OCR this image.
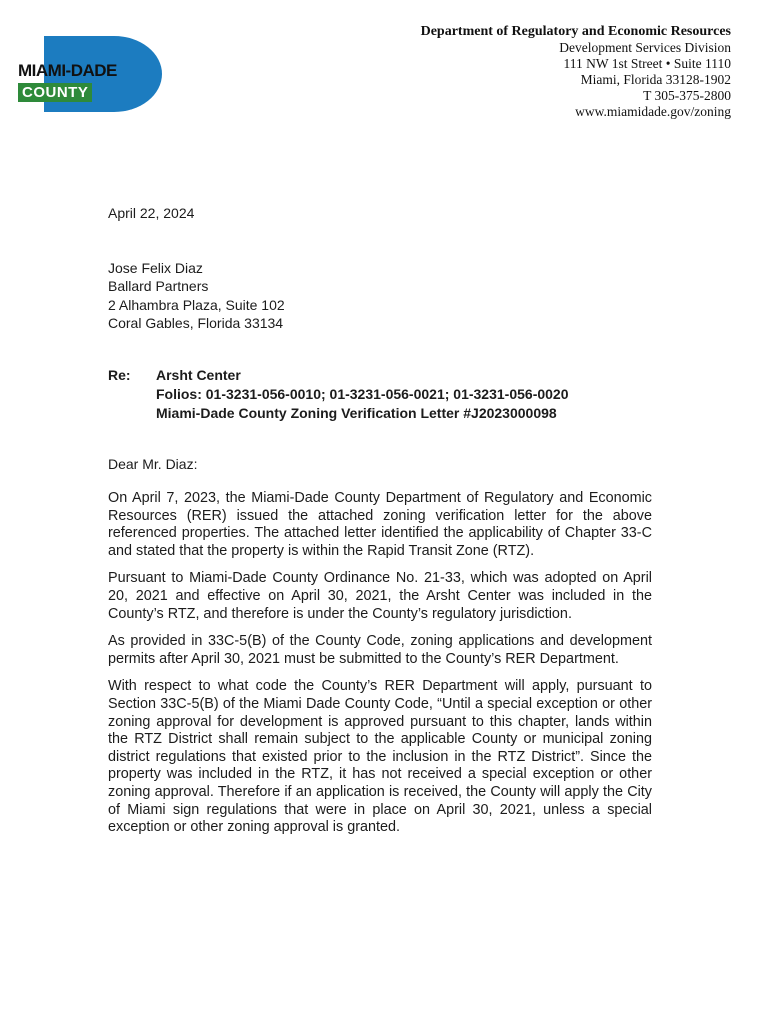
MIAMI-DADE
COUNTY
Department of Regulatory and Economic Resources
Development Services Division
111 NW 1st Street • Suite 1110
Miami, Florida 33128-1902
T 305-375-2800
www.miamidade.gov/zoning
April 22, 2024
Jose Felix Diaz
Ballard Partners
2 Alhambra Plaza, Suite 102
Coral Gables, Florida 33134
Re: Arsht Center
Folios: 01-3231-056-0010; 01-3231-056-0021; 01-3231-056-0020
Miami-Dade County Zoning Verification Letter #J2023000098
Dear Mr. Diaz:

On April 7, 2023, the Miami-Dade County Department of Regulatory and Economic Resources (RER) issued the attached zoning verification letter for the above referenced properties. The attached letter identified the applicability of Chapter 33-C and stated that the property is within the Rapid Transit Zone (RTZ).

Pursuant to Miami-Dade County Ordinance No. 21-33, which was adopted on April 20, 2021 and effective on April 30, 2021, the Arsht Center was included in the County’s RTZ, and therefore is under the County’s regulatory jurisdiction.

As provided in 33C-5(B) of the County Code, zoning applications and development permits after April 30, 2021 must be submitted to the County’s RER Department.

With respect to what code the County’s RER Department will apply, pursuant to Section 33C-5(B) of the Miami Dade County Code, “Until a special exception or other zoning approval for development is approved pursuant to this chapter, lands within the RTZ District shall remain subject to the applicable County or municipal zoning district regulations that existed prior to the inclusion in the RTZ District”. Since the property was included in the RTZ, it has not received a special exception or other zoning approval. Therefore if an application is received, the County will apply the City of Miami sign regulations that were in place on April 30, 2021, unless a special exception or other zoning approval is granted.
